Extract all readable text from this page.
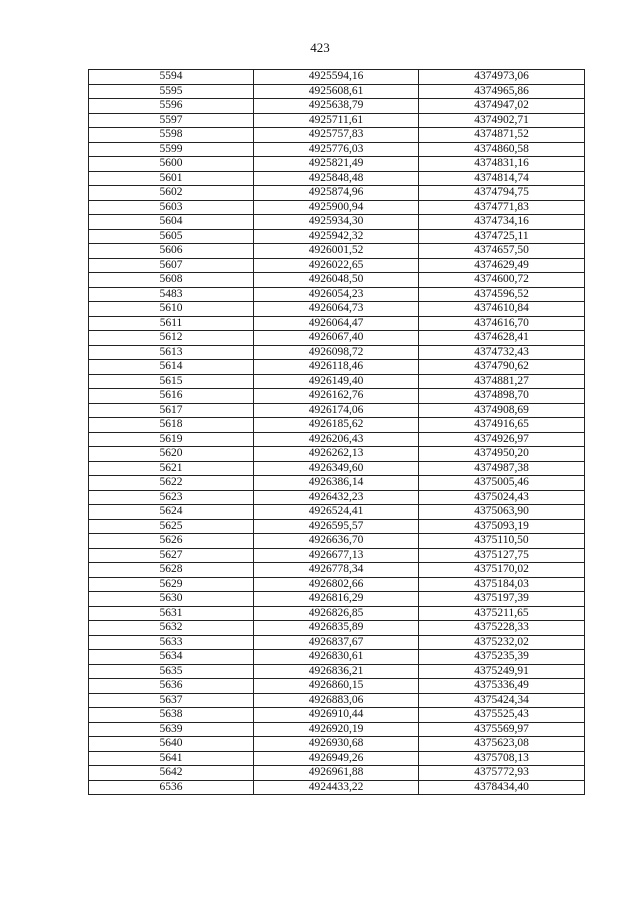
423
5594	4925594,16	4374973,06
5595	4925608,61	4374965,86
5596	4925638,79	4374947,02
5597	4925711,61	4374902,71
5598	4925757,83	4374871,52
5599	4925776,03	4374860,58
5600	4925821,49	4374831,16
5601	4925848,48	4374814,74
5602	4925874,96	4374794,75
5603	4925900,94	4374771,83
5604	4925934,30	4374734,16
5605	4925942,32	4374725,11
5606	4926001,52	4374657,50
5607	4926022,65	4374629,49
5608	4926048,50	4374600,72
5483	4926054,23	4374596,52
5610	4926064,73	4374610,84
5611	4926064,47	4374616,70
5612	4926067,40	4374628,41
5613	4926098,72	4374732,43
5614	4926118,46	4374790,62
5615	4926149,40	4374881,27
5616	4926162,76	4374898,70
5617	4926174,06	4374908,69
5618	4926185,62	4374916,65
5619	4926206,43	4374926,97
5620	4926262,13	4374950,20
5621	4926349,60	4374987,38
5622	4926386,14	4375005,46
5623	4926432,23	4375024,43
5624	4926524,41	4375063,90
5625	4926595,57	4375093,19
5626	4926636,70	4375110,50
5627	4926677,13	4375127,75
5628	4926778,34	4375170,02
5629	4926802,66	4375184,03
5630	4926816,29	4375197,39
5631	4926826,85	4375211,65
5632	4926835,89	4375228,33
5633	4926837,67	4375232,02
5634	4926830,61	4375235,39
5635	4926836,21	4375249,91
5636	4926860,15	4375336,49
5637	4926883,06	4375424,34
5638	4926910,44	4375525,43
5639	4926920,19	4375569,97
5640	4926930,68	4375623,08
5641	4926949,26	4375708,13
5642	4926961,88	4375772,93
6536	4924433,22	4378434,40
